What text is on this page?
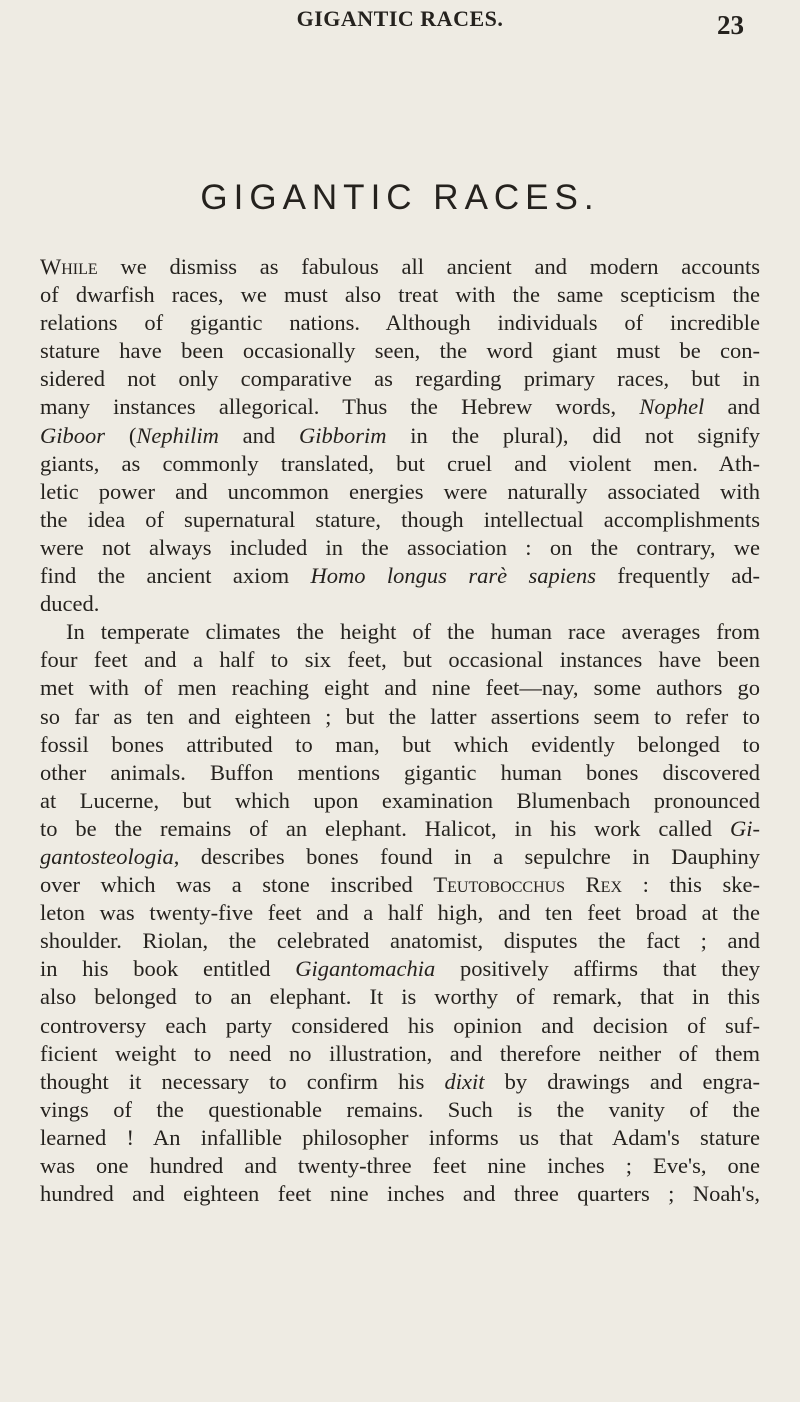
GIGANTIC RACES.	23
GIGANTIC RACES.
While we dismiss as fabulous all ancient and modern accounts
of dwarfish races, we must also treat with the same scepticism the
relations of gigantic nations. Although individuals of incredible
stature have been occasionally seen, the word giant must be con-
sidered not only comparative as regarding primary races, but in
many instances allegorical. Thus the Hebrew words, Nophel and
Giboor (Nephilim and Gibborim in the plural), did not signify
giants, as commonly translated, but cruel and violent men. Ath-
letic power and uncommon energies were naturally associated with
the idea of supernatural stature, though intellectual accomplishments
were not always included in the association : on the contrary, we
find the ancient axiom Homo longus rarè sapiens frequently ad-
duced.
In temperate climates the height of the human race averages from
four feet and a half to six feet, but occasional instances have been
met with of men reaching eight and nine feet—nay, some authors go
so far as ten and eighteen ; but the latter assertions seem to refer to
fossil bones attributed to man, but which evidently belonged to
other animals. Buffon mentions gigantic human bones discovered
at Lucerne, but which upon examination Blumenbach pronounced
to be the remains of an elephant. Halicot, in his work called Gi-
gantosteologia, describes bones found in a sepulchre in Dauphiny
over which was a stone inscribed Teutobocchus Rex : this ske-
leton was twenty-five feet and a half high, and ten feet broad at the
shoulder. Riolan, the celebrated anatomist, disputes the fact ; and
in his book entitled Gigantomachia positively affirms that they
also belonged to an elephant. It is worthy of remark, that in this
controversy each party considered his opinion and decision of suf-
ficient weight to need no illustration, and therefore neither of them
thought it necessary to confirm his dixit by drawings and engra-
vings of the questionable remains. Such is the vanity of the
learned ! An infallible philosopher informs us that Adam's stature
was one hundred and twenty-three feet nine inches ; Eve's, one
hundred and eighteen feet nine inches and three quarters ; Noah's,
